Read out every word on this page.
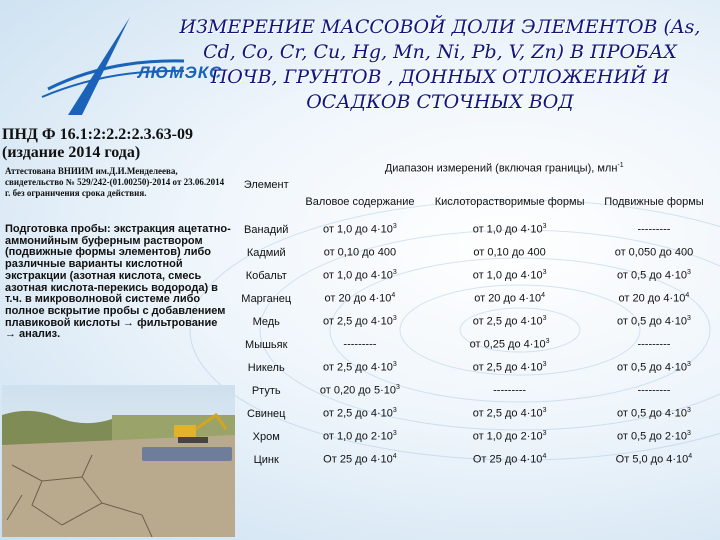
ЛЮМЭКС
ИЗМЕРЕНИЕ МАССОВОЙ ДОЛИ ЭЛЕМЕНТОВ (As, Cd, Co, Cr, Cu, Hg, Mn, Ni, Pb, V, Zn) В ПРОБАХ ПОЧВ, ГРУНТОВ , ДОННЫХ ОТЛОЖЕНИЙ И ОСАДКОВ СТОЧНЫХ ВОД
ПНД Ф 16.1:2:2.2:2.3.63-09 (издание 2014 года)
Аттестована ВНИИМ им.Д.И.Менделеева, свидетельство № 529/242-(01.00250)-2014 от 23.06.2014 г. без ограничения срока действия.
Подготовка пробы: экстракция ацетатно-аммонийным буферным раствором (подвижные формы элементов) либо различные варианты кислотной экстракции (азотная кислота, смесь азотная кислота-перекись водорода) в т.ч. в микроволновой системе либо полное вскрытие пробы с добавлением плавиковой кислоты → фильтрование → анализ.
Элемент	Диапазон измерений (включая границы), млн$^{-1}$
	Валовое содержание	Кислоторастворимые формы	Подвижные формы
Ванадий	от 1,0 до $4\cdot 10^3$	от 1,0 до $4\cdot 10^3$	---------
Кадмий	от 0,10 до 400	от 0,10 до 400	от 0,050 до 400
Кобальт	от 1,0 до $4\cdot 10^3$	от 1,0 до $4\cdot 10^3$	от 0,5 до $4\cdot 10^3$
Марганец	от 20 до $4\cdot 10^4$	от 20 до $4\cdot 10^4$	от 20 до $4\cdot 10^4$
Медь	от 2,5 до $4\cdot 10^3$	от 2,5 до $4\cdot 10^3$	от 0,5 до $4\cdot 10^3$
Мышьяк	---------	от 0,25 до $4\cdot 10^3$	---------
Никель	от 2,5 до $4\cdot 10^3$	от 2,5 до $4\cdot 10^3$	от 0,5 до $4\cdot 10^3$
Ртуть	от 0,20 до $5\cdot 10^3$	---------	---------
Свинец	от 2,5 до $4\cdot 10^3$	от 2,5 до $4\cdot 10^3$	от 0,5 до $4\cdot 10^3$
Хром	от 1,0 до $2\cdot 10^3$	от 1,0 до $2\cdot 10^3$	от 0,5 до $2\cdot 10^3$
Цинк	От 25 до $4\cdot 10^4$	От 25 до $4\cdot 10^4$	От 5,0 до $4\cdot 10^4$
